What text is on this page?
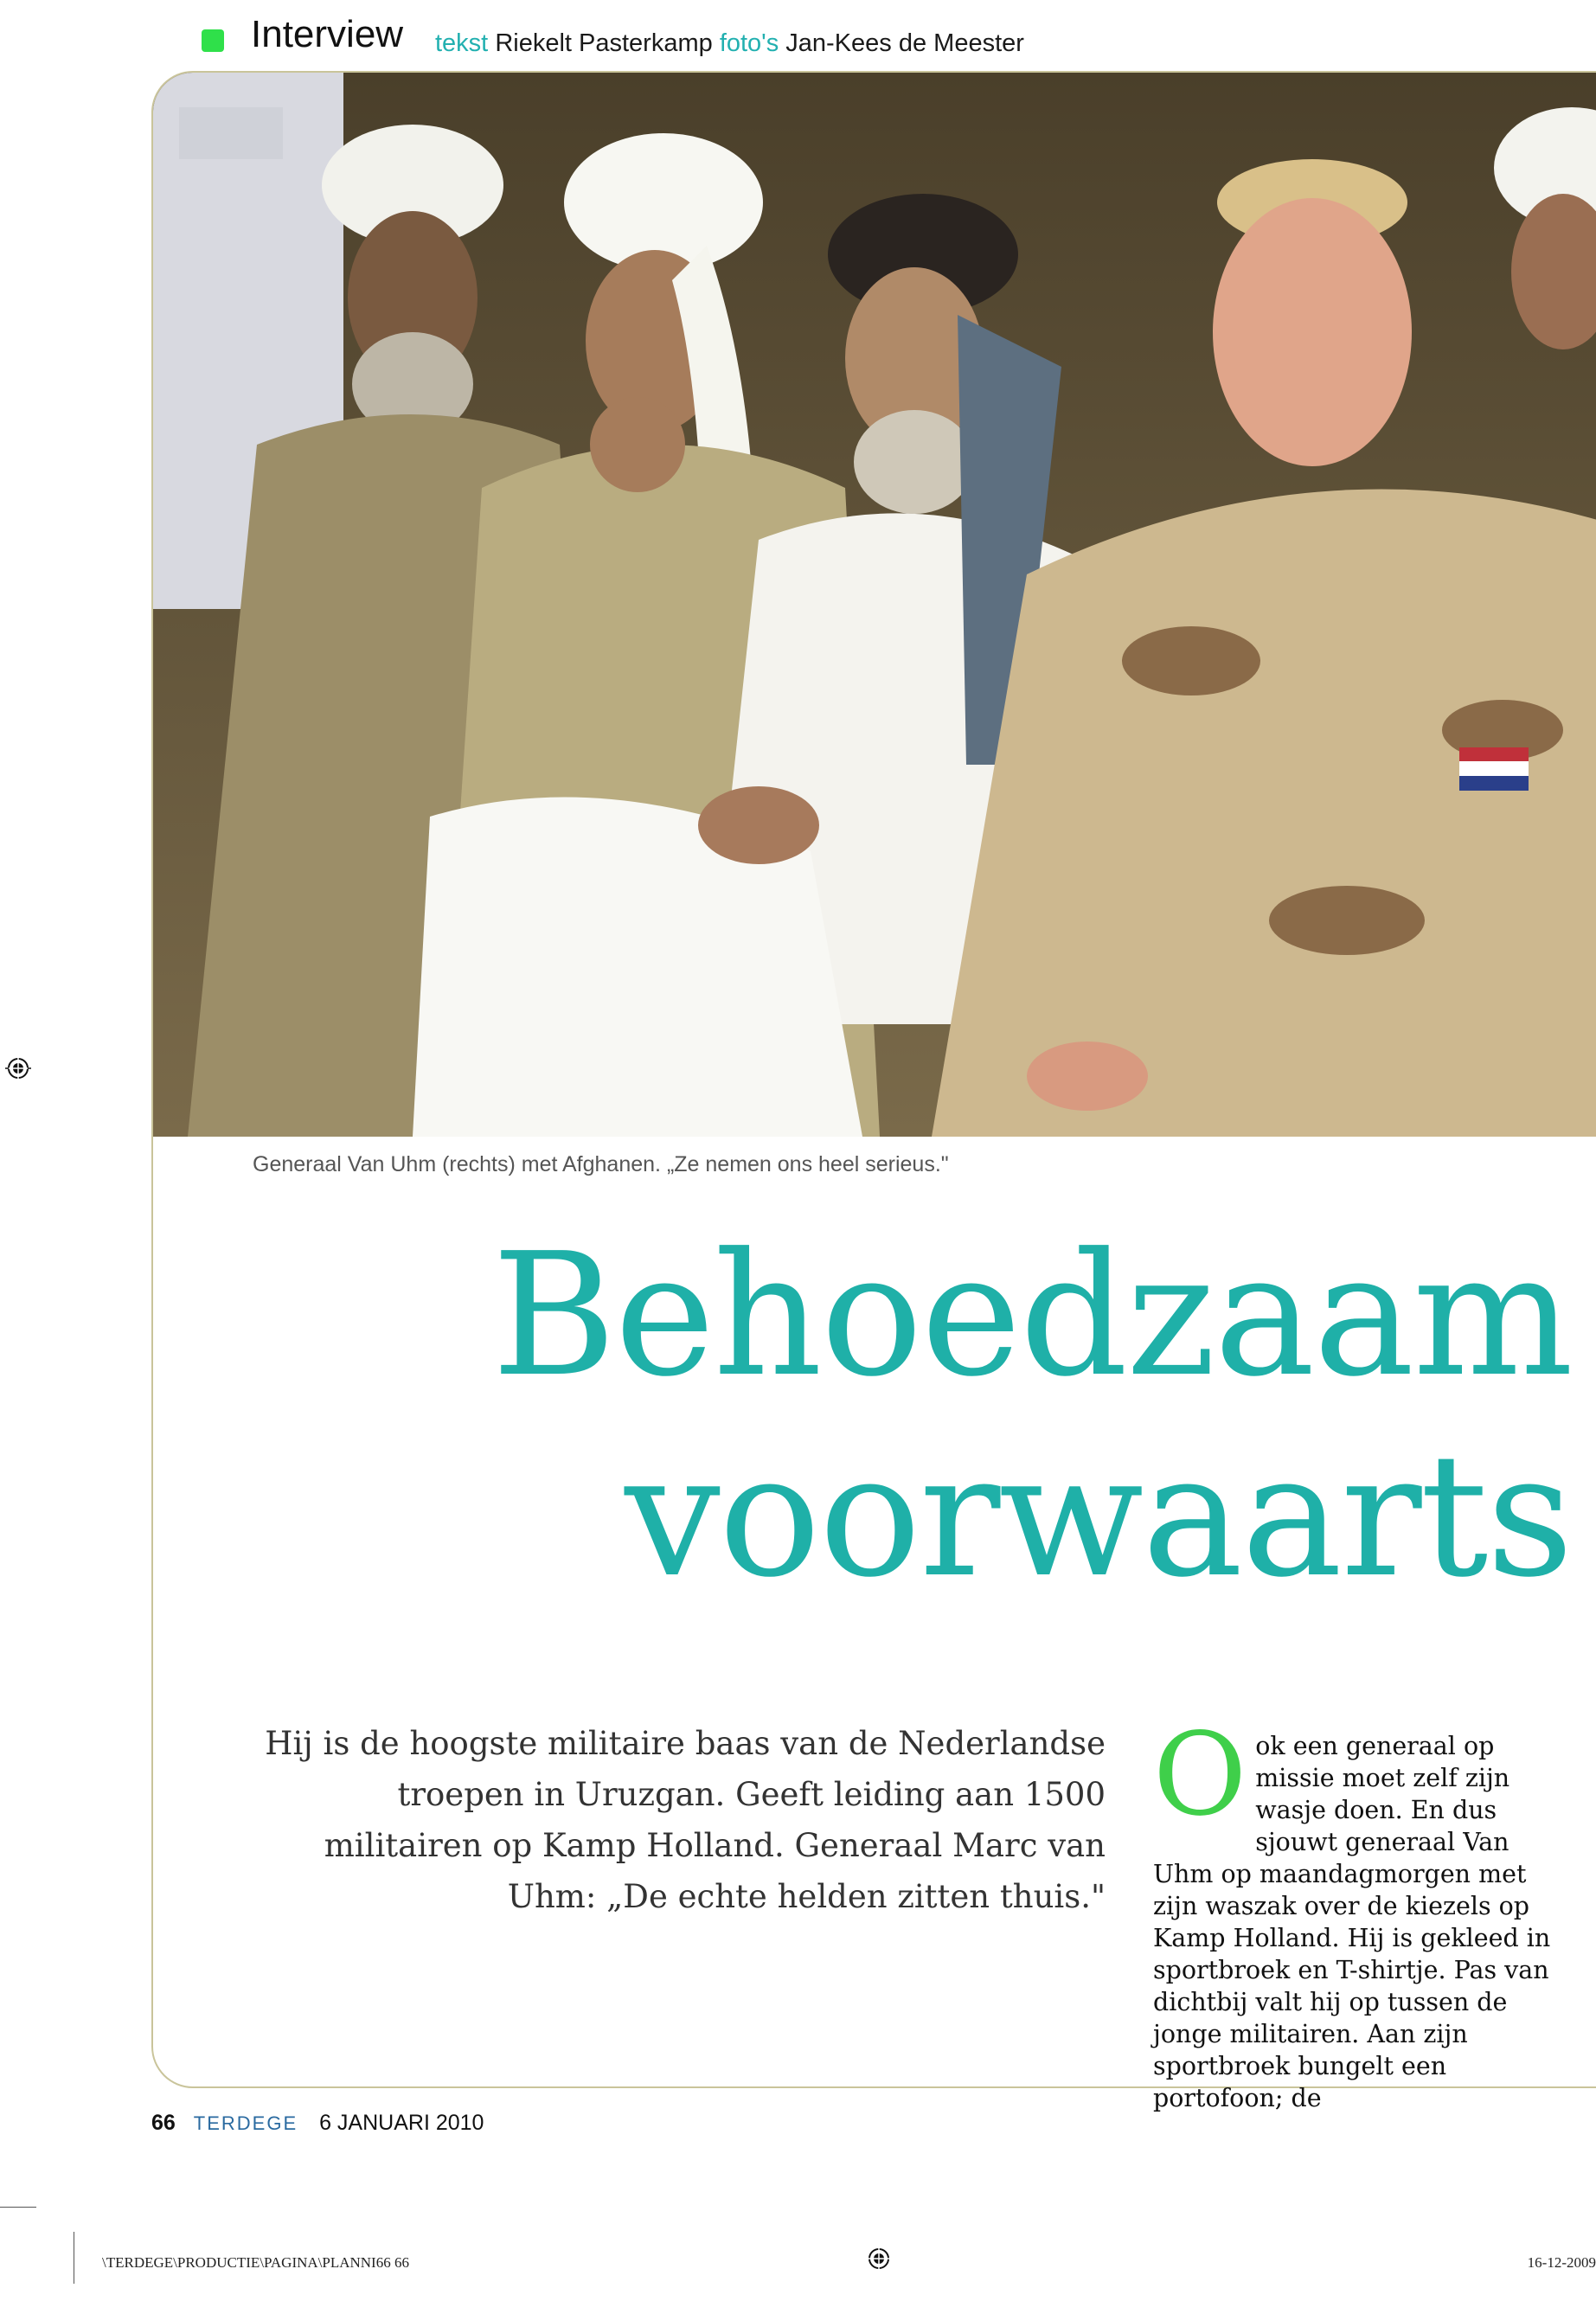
Interview tekst Riekelt Pasterkamp foto's Jan-Kees de Meester
Generaal Van Uhm (rechts) met Afghanen. „Ze nemen ons heel serieus."
Behoedzaam
voorwaarts
Hij is de hoogste militaire baas van de Nederlandse troepen in Uruzgan. Geeft leiding aan 1500 militairen op Kamp Holland. Generaal Marc van Uhm: „De echte helden zitten thuis."
O ok een generaal op missie moet zelf zijn wasje doen. En dus sjouwt generaal Van Uhm op maandagmorgen met zijn waszak over de kiezels op Kamp Holland. Hij is gekleed in sportbroek en T-shirtje. Pas van dichtbij valt hij op tussen de jonge militairen. Aan zijn sportbroek bungelt een portofoon; de
66 TERDEGE 6 JANUARI 2010
\TERDEGE\PRODUCTIE\PAGINA\PLANNI66 66	16-12-2009
